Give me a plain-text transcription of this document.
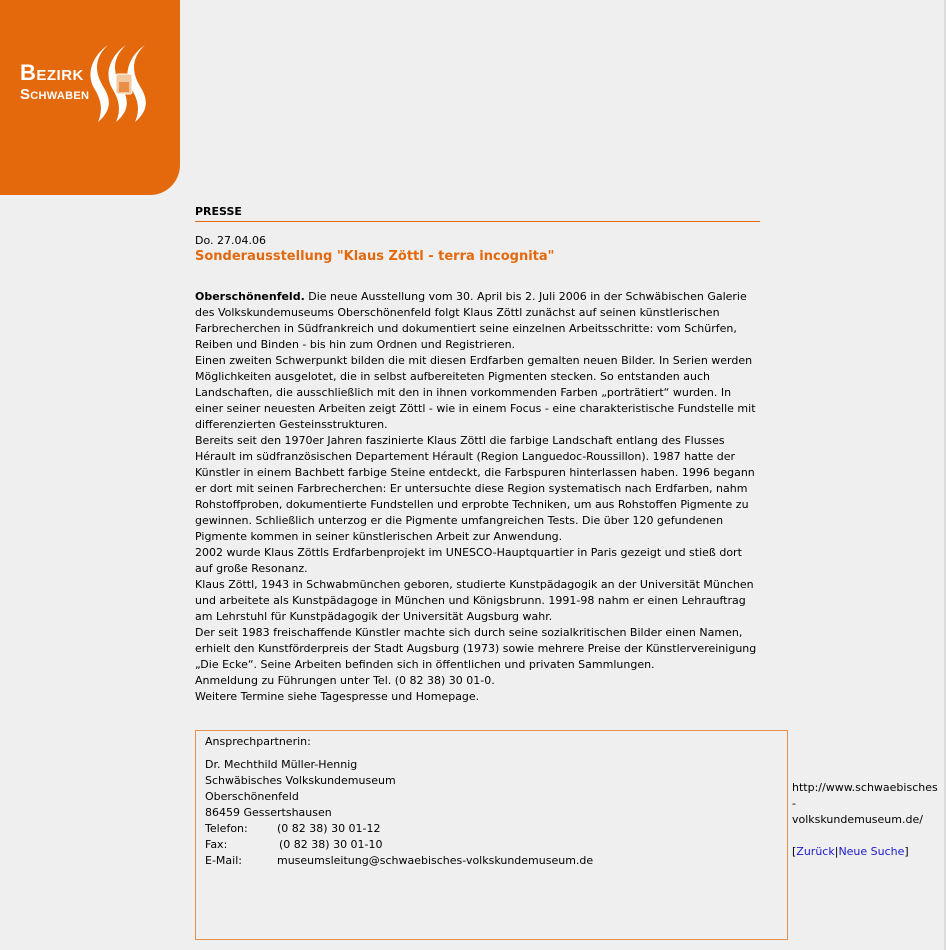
Bezirk
Schwaben
PRESSE
Do. 27.04.06
Sonderausstellung "Klaus Zöttl - terra incognita"

Oberschönenfeld. Die neue Ausstellung vom 30. April bis 2. Juli 2006 in der Schwäbischen Galerie des Volkskundemuseums Oberschönenfeld folgt Klaus Zöttl zunächst auf seinen künstlerischen Farbrecherchen in Südfrankreich und dokumentiert seine einzelnen Arbeitsschritte: vom Schürfen, Reiben und Binden - bis hin zum Ordnen und Registrieren.

Einen zweiten Schwerpunkt bilden die mit diesen Erdfarben gemalten neuen Bilder. In Serien werden Möglichkeiten ausgelotet, die in selbst aufbereiteten Pigmenten stecken. So entstanden auch Landschaften, die ausschließlich mit den in ihnen vorkommenden Farben „porträtiert“ wurden. In einer seiner neuesten Arbeiten zeigt Zöttl - wie in einem Focus - eine charakteristische Fundstelle mit differenzierten Gesteinsstrukturen.

Bereits seit den 1970er Jahren faszinierte Klaus Zöttl die farbige Landschaft entlang des Flusses Hérault im südfranzösischen Departement Hérault (Region Languedoc-Roussillon). 1987 hatte der Künstler in einem Bachbett farbige Steine entdeckt, die Farbspuren hinterlassen haben. 1996 begann er dort mit seinen Farbrecherchen: Er untersuchte diese Region systematisch nach Erdfarben, nahm Rohstoffproben, dokumentierte Fundstellen und erprobte Techniken, um aus Rohstoffen Pigmente zu gewinnen. Schließlich unterzog er die Pigmente umfangreichen Tests. Die über 120 gefundenen Pigmente kommen in seiner künstlerischen Arbeit zur Anwendung.

2002 wurde Klaus Zöttls Erdfarbenprojekt im UNESCO-Hauptquartier in Paris gezeigt und stieß dort auf große Resonanz.

Klaus Zöttl, 1943 in Schwabmünchen geboren, studierte Kunstpädagogik an der Universität München und arbeitete als Kunstpädagoge in München und Königsbrunn. 1991-98 nahm er einen Lehrauftrag am Lehrstuhl für Kunstpädagogik der Universität Augsburg wahr.

Der seit 1983 freischaffende Künstler machte sich durch seine sozialkritischen Bilder einen Namen, erhielt den Kunstförderpreis der Stadt Augsburg (1973) sowie mehrere Preise der Künstlervereinigung „Die Ecke“. Seine Arbeiten befinden sich in öffentlichen und privaten Sammlungen.

Anmeldung zu Führungen unter Tel. (0 82 38) 30 01-0.

Weitere Termine siehe Tagespresse und Homepage.

Ansprechpartnerin:
Dr. Mechthild Müller-Hennig
Schwäbisches Volkskundemuseum
Oberschönenfeld
86459 Gessertshausen
Telefon:	(0 82 38) 30 01-12
Fax:	(0 82 38) 30 01-10
E-Mail:	museumsleitung@schwaebisches-volkskundemuseum.de
http://www.schwaebisches
-
volkskundemuseum.de/
[Zurück|Neue Suche]
